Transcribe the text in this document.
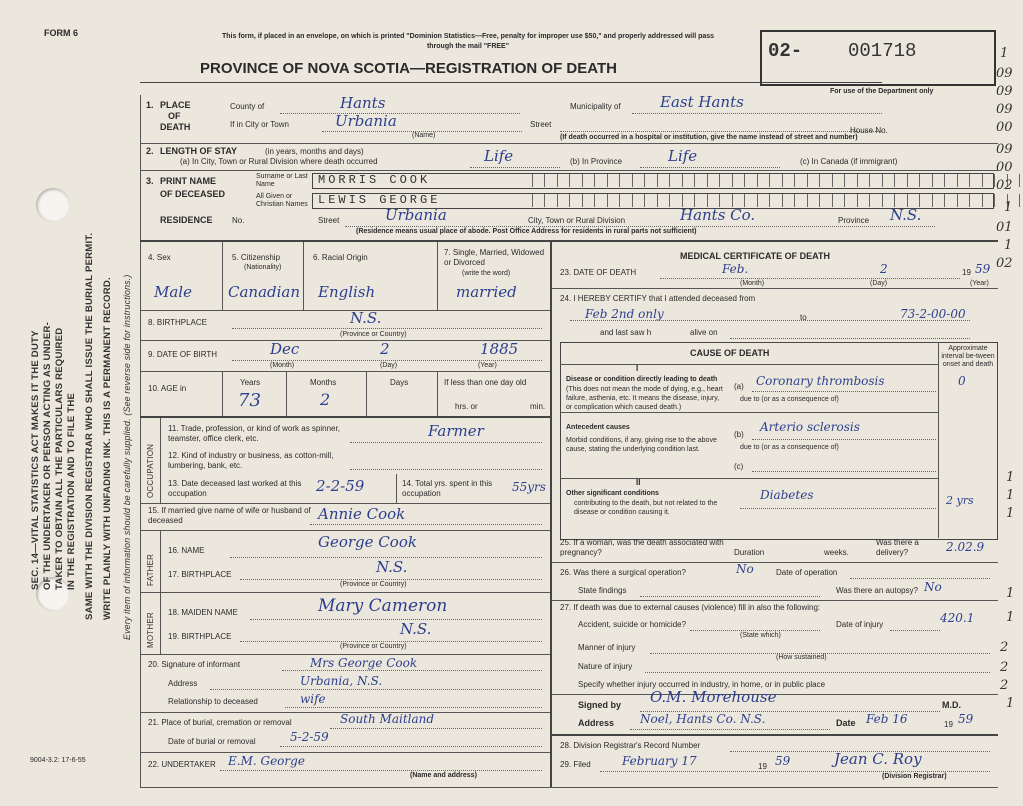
FORM 6
SEC. 14—VITAL STATISTICS ACT MAKES IT THE DUTY OF THE UNDERTAKER OR PERSON ACTING AS UNDER- TAKER TO OBTAIN ALL THE PARTICULARS REQUIRED IN THE REGISTRATION AND TO FILE THE SAME WITH THE DIVISION REGISTRAR WHO SHALL ISSUE THE BURIAL PERMIT. WRITE PLAINLY WITH UNFADING INK. THIS IS A PERMANENT RECORD. Every item of information should be carefully supplied. (See reverse side for instructions.)
9004-3.2: 17-6-55
This form, if placed in an envelope, on which is printed "Dominion Statistics—Free, penalty for improper use $50," and properly addressed will pass through the mail "FREE"
PROVINCE OF NOVA SCOTIA—REGISTRATION OF DEATH
02- 001718
For use of the Department only
1. PLACE
OF
DEATH
County of	Hants	Municipality of	East Hants
If in City or Town	Urbania
(Name)
Street
(If death occurred in a hospital or institution, give the name instead of street and number)
House No.
2. LENGTH OF STAY	(in years, months and days)
(a) In City, Town or Rural Division where death occurred	Life	(b) In Province	Life	(c) In Canada (if immigrant)
3. PRINT NAME
OF DECEASED
Surname or Last Name
All Given or Christian Names
MORRIS COOK
LEWIS GEORGE
RESIDENCE No.	Street	Urbania	City, Town or Rural Division	Hants Co.	Province N.S.
(Residence means usual place of abode. Post Office Address for residents in rural parts not sufficient)
4. Sex
Male
5. Citizenship
(Nationality)
Canadian
6. Racial Origin
English
7. Single, Married, Widowed or Divorced
(write the word)
married
8. BIRTHPLACE	N.S.
(Province or Country)
9. DATE OF BIRTH	Dec	2	1885
(Month)	(Day)	(Year)
10. AGE in
Years	Months	Days
73	2
If less than one day old
hrs. or	min.
OCCUPATION
11. Trade, profession, or kind of work as spinner, teamster, office clerk, etc.	Farmer
12. Kind of industry or business, as cotton-mill, lumbering, bank, etc.
13. Date deceased last worked at this occupation	2-2-59	14. Total yrs. spent in this occupation	55yrs
15. If married give name of wife or husband of deceased	Annie Cook
FATHER
16. NAME	George Cook
17. BIRTHPLACE	N.S.
(Province or Country)
MOTHER 18. MAIDEN NAME	Mary Cameron
19. BIRTHPLACE	N.S.
(Province or Country)
20. Signature of informant	Mrs George Cook
Address	Urbania, N.S.
Relationship to deceased	wife
21. Place of burial, cremation or removal	South Maitland
Date of burial or removal	5-2-59
22. UNDERTAKER E.M. George
(Name and address)
MEDICAL CERTIFICATE OF DEATH
23. DATE OF DEATH	Feb.	2	19 59
(Month)	(Day)	(Year)
24. I HEREBY CERTIFY that I attended deceased from
Feb 2nd only	to	73-2-00-00
and last saw h	alive on
CAUSE OF DEATH	Approximate interval be-tween onset and death
I
Disease or condition directly leading to death
(This does not mean the mode of dying, e.g., heart failure, asthenia, etc. It means the disease, injury, or complication which caused death.)
(a) Coronary thrombosis	0
due to (or as a consequence of)
Antecedent causes
Morbid conditions, if any, giving rise to the above cause, stating the underlying condition last.
(b)
Arterio sclerosis
due to (or as a consequence of)
(c)
II
Other significant conditions
contributing to the death, but not related to the disease or condition causing it.
Diabetes	2 yrs
25. If a woman, was the death associated with pregnancy?	Duration	weeks.
Was there a delivery?	2.02.9
26. Was there a surgical operation?	No	Date of operation
State findings	Was there an autopsy? No
27. If death was due to external causes (violence) fill in also the following:
420.1
Accident, suicide or homicide?
(State which)
Date of injury
Manner of injury
(How sustained)
Nature of injury
Specify whether injury occurred in industry, in home, or in public place
Signed by O.M. Morehouse	M.D.
Address Noel, Hants Co. N.S.	Date Feb 16	19 59
28. Division Registrar's Record Number
29. Filed	February 17	19 59	Jean C. Roy
(Division Registrar)
1
09
09
09
00
09
00
02
1
01
1
02
1
1
1
1
1
2
2
2
1
